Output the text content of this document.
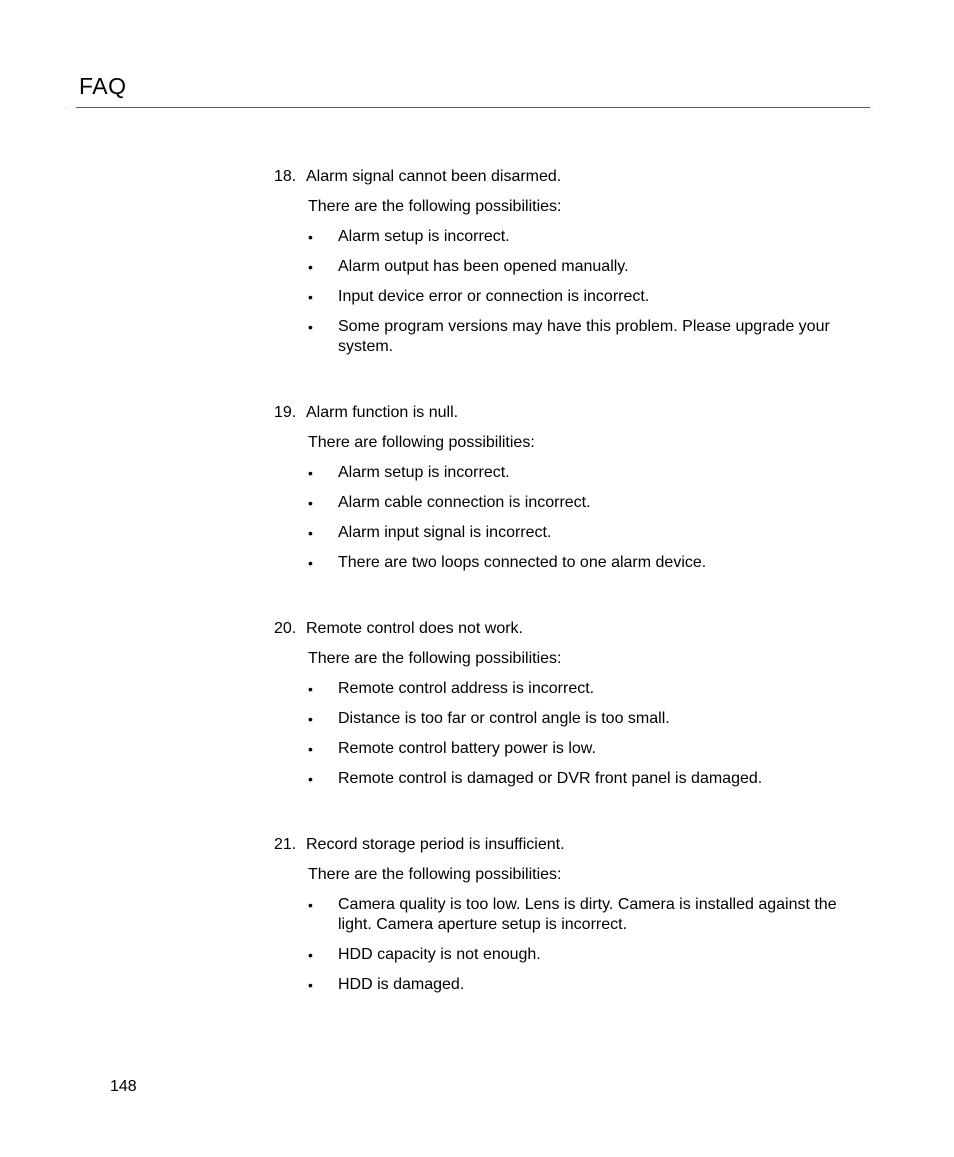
FAQ
18. Alarm signal cannot been disarmed.
There are the following possibilities:
•	Alarm setup is incorrect.
•	Alarm output has been opened manually.
•	Input device error or connection is incorrect.
•	Some program versions may have this problem. Please upgrade your system.
19. Alarm function is null.
There are following possibilities:
•	Alarm setup is incorrect.
•	Alarm cable connection is incorrect.
•	Alarm input signal is incorrect.
•	There are two loops connected to one alarm device.
20. Remote control does not work.
There are the following possibilities:
•	Remote control address is incorrect.
•	Distance is too far or control angle is too small.
•	Remote control battery power is low.
•	Remote control is damaged or DVR front panel is damaged.
21. Record storage period is insufficient.
There are the following possibilities:
•	Camera quality is too low. Lens is dirty. Camera is installed against the light. Camera aperture setup is incorrect.
•	HDD capacity is not enough.
•	HDD is damaged.
148
